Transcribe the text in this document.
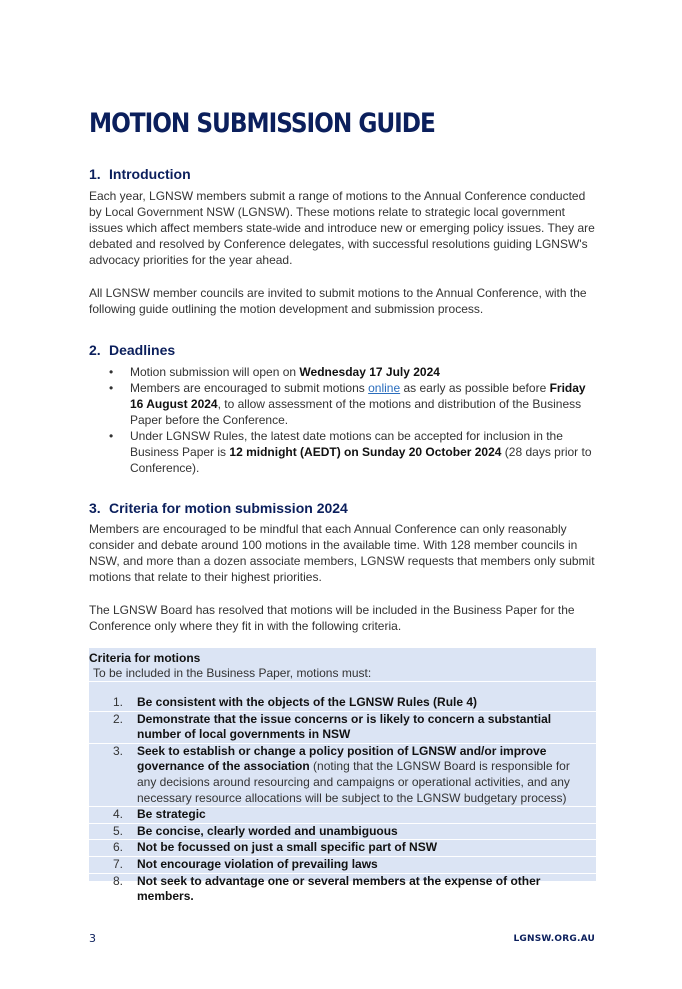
MOTION SUBMISSION GUIDE
1. Introduction

Each year, LGNSW members submit a range of motions to the Annual Conference conducted by Local Government NSW (LGNSW). These motions relate to strategic local government issues which affect members state-wide and introduce new or emerging policy issues. They are debated and resolved by Conference delegates, with successful resolutions guiding LGNSW's advocacy priorities for the year ahead.

All LGNSW member councils are invited to submit motions to the Annual Conference, with the following guide outlining the motion development and submission process.

2. Deadlines
• Motion submission will open on Wednesday 17 July 2024
• Members are encouraged to submit motions online as early as possible before Friday 16 August 2024, to allow assessment of the motions and distribution of the Business Paper before the Conference.
• Under LGNSW Rules, the latest date motions can be accepted for inclusion in the Business Paper is 12 midnight (AEDT) on Sunday 20 October 2024 (28 days prior to Conference).
3. Criteria for motion submission 2024

Members are encouraged to be mindful that each Annual Conference can only reasonably consider and debate around 100 motions in the available time. With 128 member councils in NSW, and more than a dozen associate members, LGNSW requests that members only submit motions that relate to their highest priorities.

The LGNSW Board has resolved that motions will be included in the Business Paper for the Conference only where they fit in with the following criteria.

Criteria for motions
To be included in the Business Paper, motions must:
1. Be consistent with the objects of the LGNSW Rules (Rule 4)
2. Demonstrate that the issue concerns or is likely to concern a substantial number of local governments in NSW
3. Seek to establish or change a policy position of LGNSW and/or improve governance of the association (noting that the LGNSW Board is responsible for any decisions around resourcing and campaigns or operational activities, and any necessary resource allocations will be subject to the LGNSW budgetary process)
4. Be strategic
5. Be concise, clearly worded and unambiguous
6. Not be focussed on just a small specific part of NSW
7. Not encourage violation of prevailing laws
8. Not seek to advantage one or several members at the expense of other members.
3	LGNSW.ORG.AU
